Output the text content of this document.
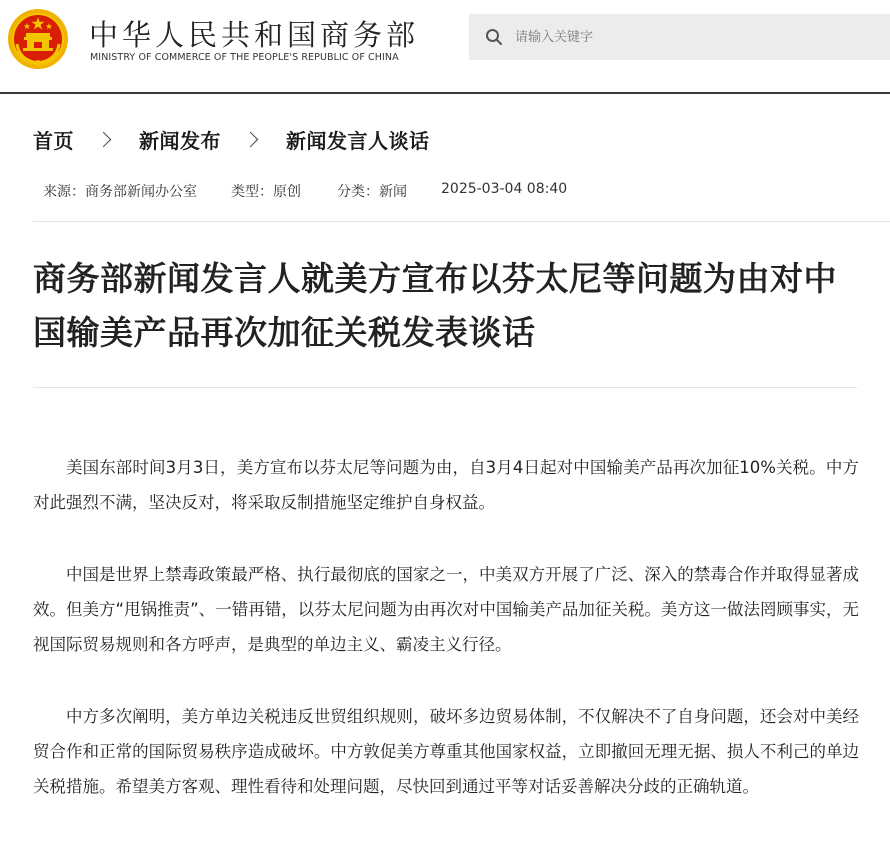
中华人民共和国商务部
MINISTRY OF COMMERCE OF THE PEOPLE'S REPUBLIC OF CHINA
请输入关键字
首页	新闻发布	新闻发言人谈话
来源：商务部新闻办公室 类型：原创	分类：新闻 2025-03-04 08:40
商务部新闻发言人就美方宣布以芬太尼等问题为由对中国输美产品再次加征关税发表谈话

美国东部时间3月3日，美方宣布以芬太尼等问题为由，自3月4日起对中国输美产品再次加征10%关税。中方对此强烈不满，坚决反对，将采取反制措施坚定维护自身权益。

中国是世界上禁毒政策最严格、执行最彻底的国家之一，中美双方开展了广泛、深入的禁毒合作并取得显著成效。但美方“甩锅推责”、一错再错，以芬太尼问题为由再次对中国输美产品加征关税。美方这一做法罔顾事实，无视国际贸易规则和各方呼声，是典型的单边主义、霸凌主义行径。

中方多次阐明，美方单边关税违反世贸组织规则，破坏多边贸易体制，不仅解决不了自身问题，还会对中美经贸合作和正常的国际贸易秩序造成破坏。中方敦促美方尊重其他国家权益，立即撤回无理无据、损人不利己的单边关税措施。希望美方客观、理性看待和处理问题，尽快回到通过平等对话妥善解决分歧的正确轨道。
